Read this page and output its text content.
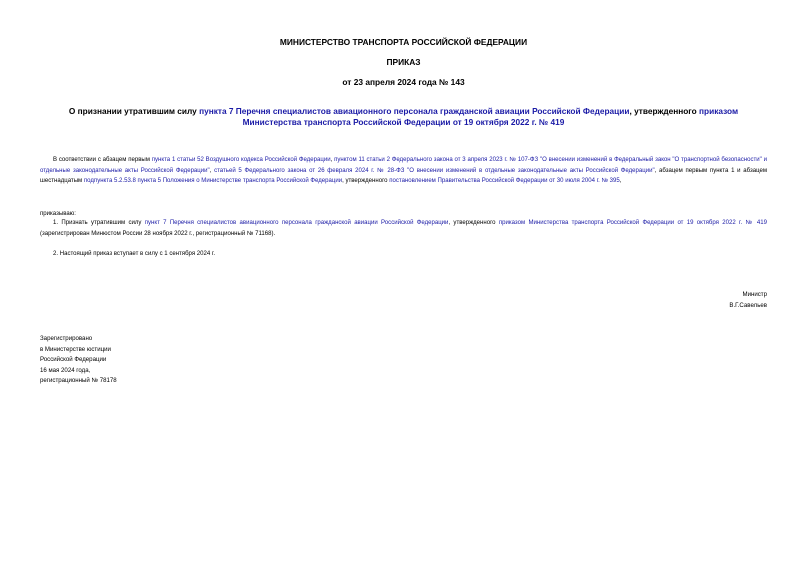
МИНИСТЕРСТВО ТРАНСПОРТА РОССИЙСКОЙ ФЕДЕРАЦИИ
ПРИКАЗ
от 23 апреля 2024 года № 143
О признании утратившим силу пункта 7 Перечня специалистов авиационного персонала гражданской авиации Российской Федерации, утвержденного приказом Министерства транспорта Российской Федерации от 19 октября 2022 г. № 419
В соответствии с абзацем первым пункта 1 статьи 52 Воздушного кодекса Российской Федерации, пунктом 11 статьи 2 Федерального закона от 3 апреля 2023 г. № 107-ФЗ "О внесении изменений в Федеральный закон "О транспортной безопасности" и отдельные законодательные акты Российской Федерации", статьей 5 Федерального закона от 26 февраля 2024 г. № 28-ФЗ "О внесении изменений в отдельные законодательные акты Российской Федерации", абзацем первым пункта 1 и абзацем шестнадцатым подпункта 5.2.53.8 пункта 5 Положения о Министерстве транспорта Российской Федерации, утвержденного постановлением Правительства Российской Федерации от 30 июля 2004 г. № 395,
приказываю:
1. Признать утратившим силу пункт 7 Перечня специалистов авиационного персонала гражданской авиации Российской Федерации, утвержденного приказом Министерства транспорта Российской Федерации от 19 октября 2022 г. № 419 (зарегистрирован Минюстом России 28 ноября 2022 г., регистрационный № 71168).
2. Настоящий приказ вступает в силу с 1 сентября 2024 г.
Министр
В.Г.Савельев
Зарегистрировано
в Министерстве юстиции
Российской Федерации
16 мая 2024 года,
регистрационный № 78178
